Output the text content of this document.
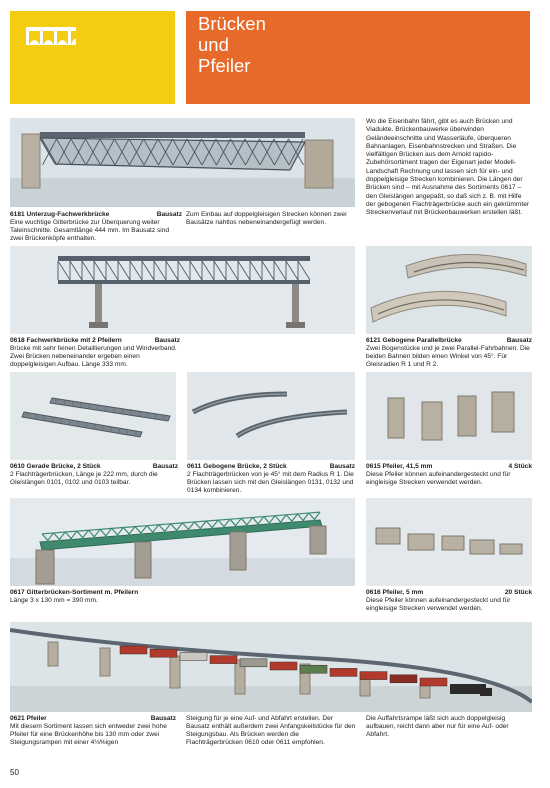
Brücken
und
Pfeiler

Wo die Eisenbahn fährt, gibt es auch Brücken und Viadukte. Brückenbauwerke überwinden Geländeeinschnitte und Wasserläufe, überqueren Bahnanlagen, Eisenbahnstrecken und Straßen. Die vielfältigen Brücken aus dem Arnold rapido-Zubehörsortiment tragen der Eigenart jeder Modell-Landschaft Rechnung und lassen sich für ein- und doppelgleisige Strecken kombinieren. Die Längen der Brücken sind – mit Ausnahme des Sortiments 0617 – den Gleislängen angepaßt, so daß sich z. B. mit Hilfe der gebogenen Flachträgerbrücke auch ein gekrümmter Streckenverlauf mit Brückenbauwerken erstellen läßt.

6181 Unterzug-Fachwerkbrücke	Bausatz

Eine wuchtige Gitterbrücke zur Überquerung weiter Taleinschnitte. Gesamtlänge 444 mm. Im Bausatz sind zwei Brückenköpfe enthalten.

Zum Einbau auf doppelgleisigen Strecken können zwei Bausätze nahtlos nebeneinandergefügt werden.

0618 Fachwerkbrücke mit 2 Pfeilern	Bausatz

Brücke mit sehr feinen Detaillierungen und Windverband. Zwei Brücken nebeneinander ergeben einen doppelgleisigen Aufbau. Länge 333 mm.

6121 Gebogene Parallelbrücke	Bausatz

Zwei Bogenstücke und je zwei Parallel-Fahrbahnen. Die beiden Bahnen bilden einen Winkel von 45°. Für Gleisradien R 1 und R 2.

0610 Gerade Brücke, 2 Stück	Bausatz

2 Flachträgerbrücken, Länge je 222 mm, durch die Gleislängen 0101, 0102 und 0103 teilbar.

0611 Gebogene Brücke, 2 Stück	Bausatz

2 Flachträgerbrücken von je 45° mit dem Radius R 1. Die Brücken lassen sich mit den Gleislängen 0131, 0132 und 0134 kombinieren.

0615 Pfeiler, 41,5 mm	4 Stück

Diese Pfeiler können aufeinandergesteckt und für eingleisige Strecken verwendet werden.

0617 Gitterbrücken-Sortiment m. Pfeilern

Länge 3 x 130 mm = 390 mm.

0616 Pfeiler, 5 mm	20 Stück

Diese Pfeiler können aufeinandergesteckt und für eingleisige Strecken verwendet werden.

0621 Pfeiler	Bausatz

Mit diesem Sortiment lassen sich entweder zwei hohe Pfeiler für eine Brückenhöhe bis 130 mm oder zwei Steigungsrampen mit einer 4⅛%igen

Steigung für je eine Auf- und Abfahrt erstellen. Der Bausatz enthält außerdem zwei Anfangskeilstücke für den Steigungsbau. Als Brücken werden die Flachträgerbrücken 0610 oder 0611 empfohlen.

Die Auffahrtsrampe läßt sich auch doppelgleisig aufbauen, reicht dann aber nur für eine Auf- oder Abfahrt.

50
